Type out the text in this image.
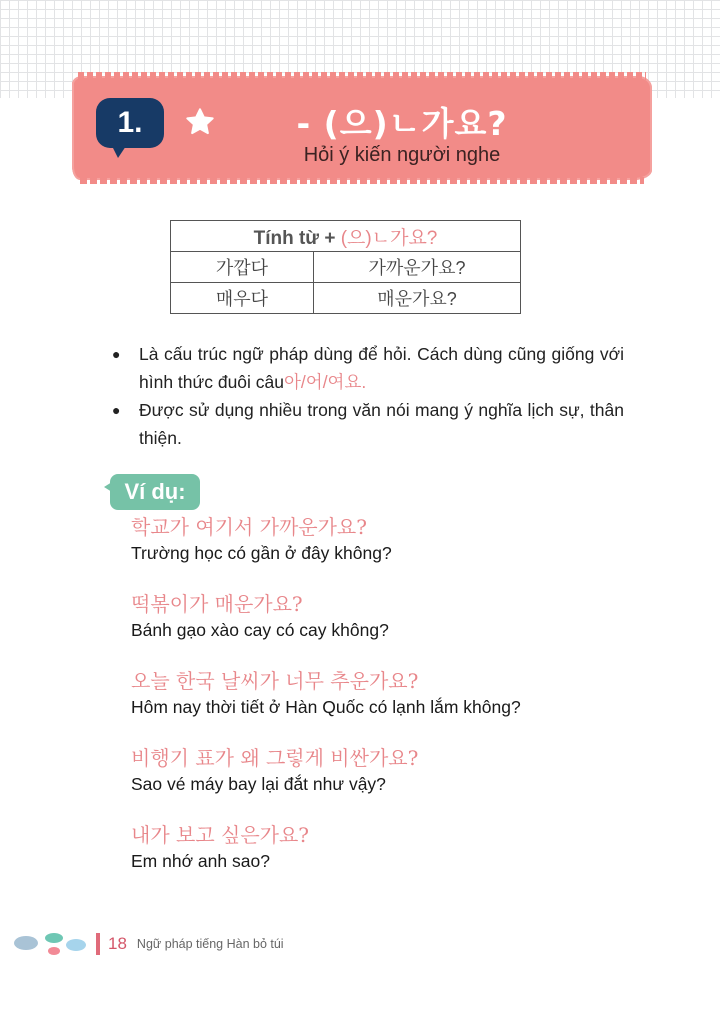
1.	- (으)ㄴ가요?
Hỏi ý kiến người nghe
Tính từ + (으)ㄴ가요?	
가깝다	가까운가요?
매우다	매운가요?
●	Là cấu trúc ngữ pháp dùng để hỏi. Cách dùng cũng giống với hình thức đuôi câu아/어/여요.
●	Được sử dụng nhiều trong văn nói mang ý nghĩa lịch sự, thân thiện.
Ví dụ:
학교가 여기서 가까운가요?
Trường học có gần ở đây không?
떡볶이가 매운가요?
Bánh gạo xào cay có cay không?
오늘 한국 날씨가 너무 추운가요?
Hôm nay thời tiết ở Hàn Quốc có lạnh lắm không?
비행기 표가 왜 그렇게 비싼가요?
Sao vé máy bay lại đắt như vậy?
내가 보고 싶은가요?
Em nhớ anh sao?
18 Ngữ pháp tiếng Hàn bỏ túi
